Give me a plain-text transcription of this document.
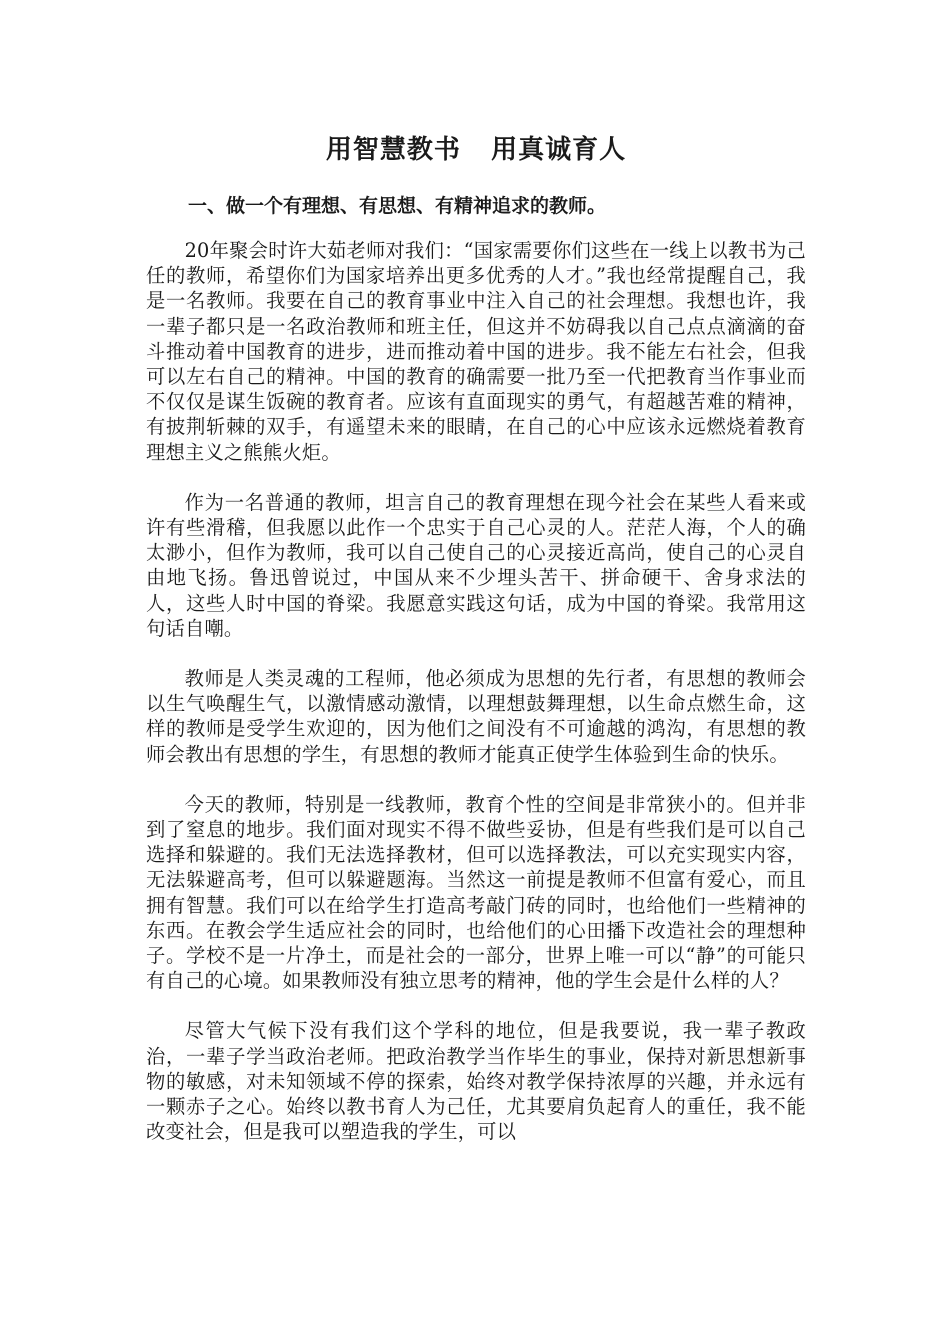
用智慧教书   用真诚育人
一、做一个有理想、有思想、有精神追求的教师。

20年聚会时许大茹老师对我们：“国家需要你们这些在一线上以教书为己任的教师，希望你们为国家培养出更多优秀的人才。”我也经常提醒自己，我是一名教师。我要在自己的教育事业中注入自己的社会理想。我想也许，我一辈子都只是一名政治教师和班主任，但这并不妨碍我以自己点点滴滴的奋斗推动着中国教育的进步，进而推动着中国的进步。我不能左右社会，但我可以左右自己的精神。中国的教育的确需要一批乃至一代把教育当作事业而不仅仅是谋生饭碗的教育者。应该有直面现实的勇气，有超越苦难的精神，有披荆斩棘的双手，有遥望未来的眼睛，在自己的心中应该永远燃烧着教育理想主义之熊熊火炬。

作为一名普通的教师，坦言自己的教育理想在现今社会在某些人看来或许有些滑稽，但我愿以此作一个忠实于自己心灵的人。茫茫人海，个人的确太渺小，但作为教师，我可以自己使自己的心灵接近高尚，使自己的心灵自由地飞扬。鲁迅曾说过，中国从来不少埋头苦干、拼命硬干、舍身求法的人，这些人时中国的脊梁。我愿意实践这句话，成为中国的脊梁。我常用这句话自嘲。

教师是人类灵魂的工程师，他必须成为思想的先行者，有思想的教师会以生气唤醒生气，以激情感动激情，以理想鼓舞理想，以生命点燃生命，这样的教师是受学生欢迎的，因为他们之间没有不可逾越的鸿沟，有思想的教师会教出有思想的学生，有思想的教师才能真正使学生体验到生命的快乐。

今天的教师，特别是一线教师，教育个性的空间是非常狭小的。但并非到了窒息的地步。我们面对现实不得不做些妥协，但是有些我们是可以自己选择和躲避的。我们无法选择教材，但可以选择教法，可以充实现实内容，无法躲避高考，但可以躲避题海。当然这一前提是教师不但富有爱心，而且拥有智慧。我们可以在给学生打造高考敲门砖的同时，也给他们一些精神的东西。在教会学生适应社会的同时，也给他们的心田播下改造社会的理想种子。学校不是一片净土，而是社会的一部分，世界上唯一可以“静”的可能只有自己的心境。如果教师没有独立思考的精神，他的学生会是什么样的人？

尽管大气候下没有我们这个学科的地位，但是我要说，我一辈子教政治，一辈子学当政治老师。把政治教学当作毕生的事业，保持对新思想新事物的敏感，对未知领域不停的探索，始终对教学保持浓厚的兴趣，并永远有一颗赤子之心。始终以教书育人为己任，尤其要肩负起育人的重任，我不能改变社会，但是我可以塑造我的学生，可以
